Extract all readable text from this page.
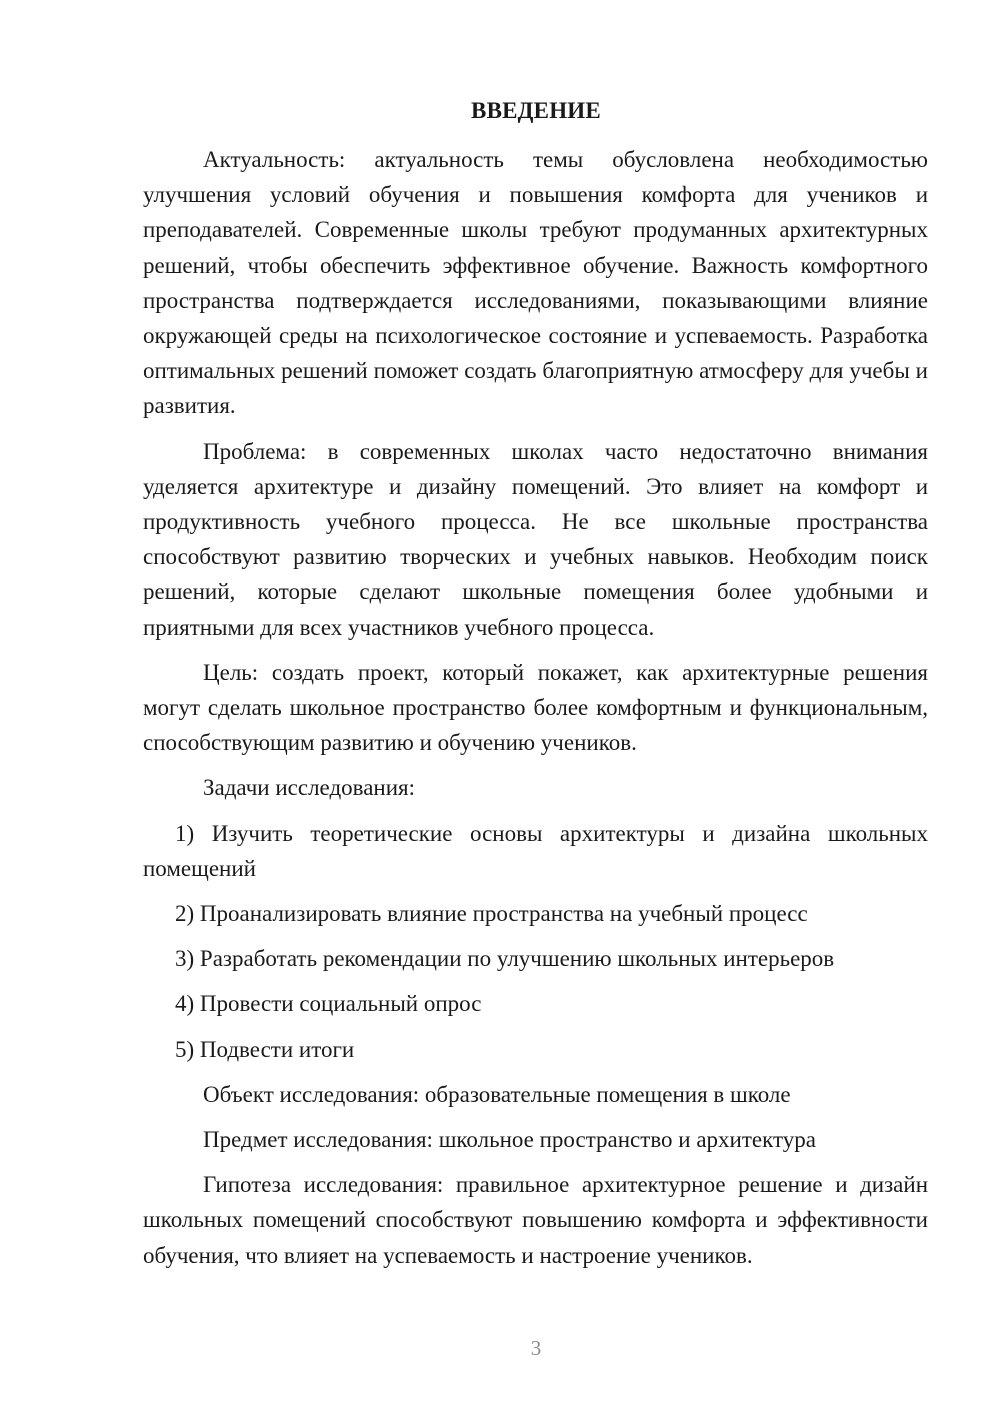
ВВЕДЕНИЕ

Актуальность: актуальность темы обусловлена необходимостью улучшения условий обучения и повышения комфорта для учеников и преподавателей. Современные школы требуют продуманных архитектурных решений, чтобы обеспечить эффективное обучение. Важность комфортного пространства подтверждается исследованиями, показывающими влияние окружающей среды на психологическое состояние и успеваемость. Разработка оптимальных решений поможет создать благоприятную атмосферу для учебы и развития.

Проблема: в современных школах часто недостаточно внимания уделяется архитектуре и дизайну помещений. Это влияет на комфорт и продуктивность учебного процесса. Не все школьные пространства способствуют развитию творческих и учебных навыков. Необходим поиск решений, которые сделают школьные помещения более удобными и приятными для всех участников учебного процесса.

Цель: создать проект, который покажет, как архитектурные решения могут сделать школьное пространство более комфортным и функциональным, способствующим развитию и обучению учеников.

Задачи исследования:

1) Изучить теоретические основы архитектуры и дизайна школьных помещений

2) Проанализировать влияние пространства на учебный процесс

3) Разработать рекомендации по улучшению школьных интерьеров

4) Провести социальный опрос

5) Подвести итоги

Объект исследования: образовательные помещения в школе

Предмет исследования: школьное пространство и архитектура

Гипотеза исследования: правильное архитектурное решение и дизайн школьных помещений способствуют повышению комфорта и эффективности обучения, что влияет на успеваемость и настроение учеников.

3
